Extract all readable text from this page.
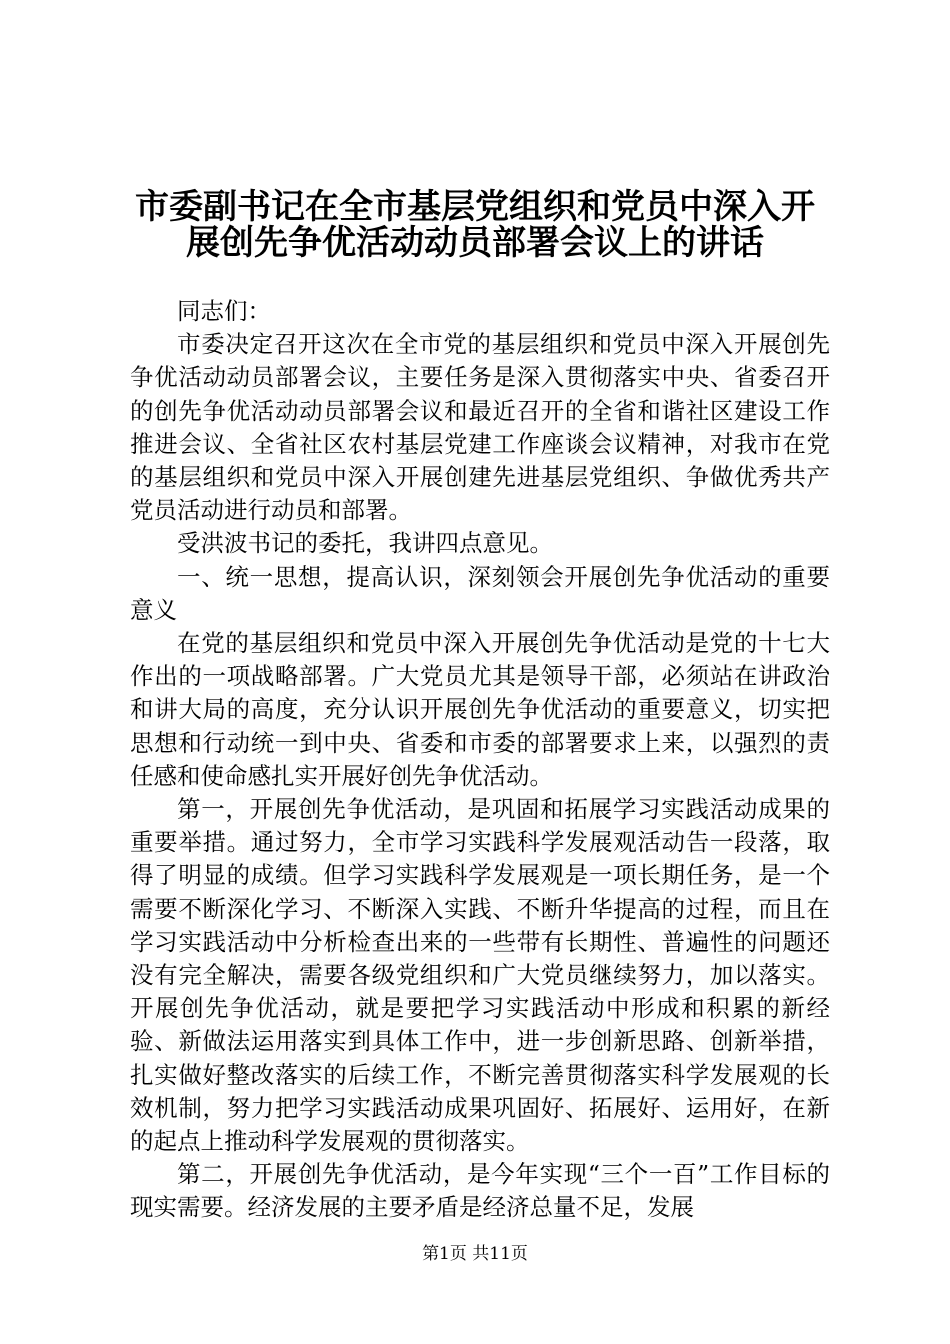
市委副书记在全市基层党组织和党员中深入开
展创先争优活动动员部署会议上的讲话

同志们：

市委决定召开这次在全市党的基层组织和党员中深入开展创先争优活动动员部署会议，主要任务是深入贯彻落实中央、省委召开的创先争优活动动员部署会议和最近召开的全省和谐社区建设工作推进会议、全省社区农村基层党建工作座谈会议精神，对我市在党的基层组织和党员中深入开展创建先进基层党组织、争做优秀共产党员活动进行动员和部署。

受洪波书记的委托，我讲四点意见。

一、统一思想，提高认识，深刻领会开展创先争优活动的重要意义

在党的基层组织和党员中深入开展创先争优活动是党的十七大作出的一项战略部署。广大党员尤其是领导干部，必须站在讲政治和讲大局的高度，充分认识开展创先争优活动的重要意义，切实把思想和行动统一到中央、省委和市委的部署要求上来，以强烈的责任感和使命感扎实开展好创先争优活动。

第一，开展创先争优活动，是巩固和拓展学习实践活动成果的重要举措。通过努力，全市学习实践科学发展观活动告一段落，取得了明显的成绩。但学习实践科学发展观是一项长期任务，是一个需要不断深化学习、不断深入实践、不断升华提高的过程，而且在学习实践活动中分析检查出来的一些带有长期性、普遍性的问题还没有完全解决，需要各级党组织和广大党员继续努力，加以落实。开展创先争优活动，就是要把学习实践活动中形成和积累的新经验、新做法运用落实到具体工作中，进一步创新思路、创新举措，扎实做好整改落实的后续工作，不断完善贯彻落实科学发展观的长效机制，努力把学习实践活动成果巩固好、拓展好、运用好，在新的起点上推动科学发展观的贯彻落实。

第二，开展创先争优活动，是今年实现“三个一百”工作目标的现实需要。经济发展的主要矛盾是经济总量不足，发展

第1页 共11页
